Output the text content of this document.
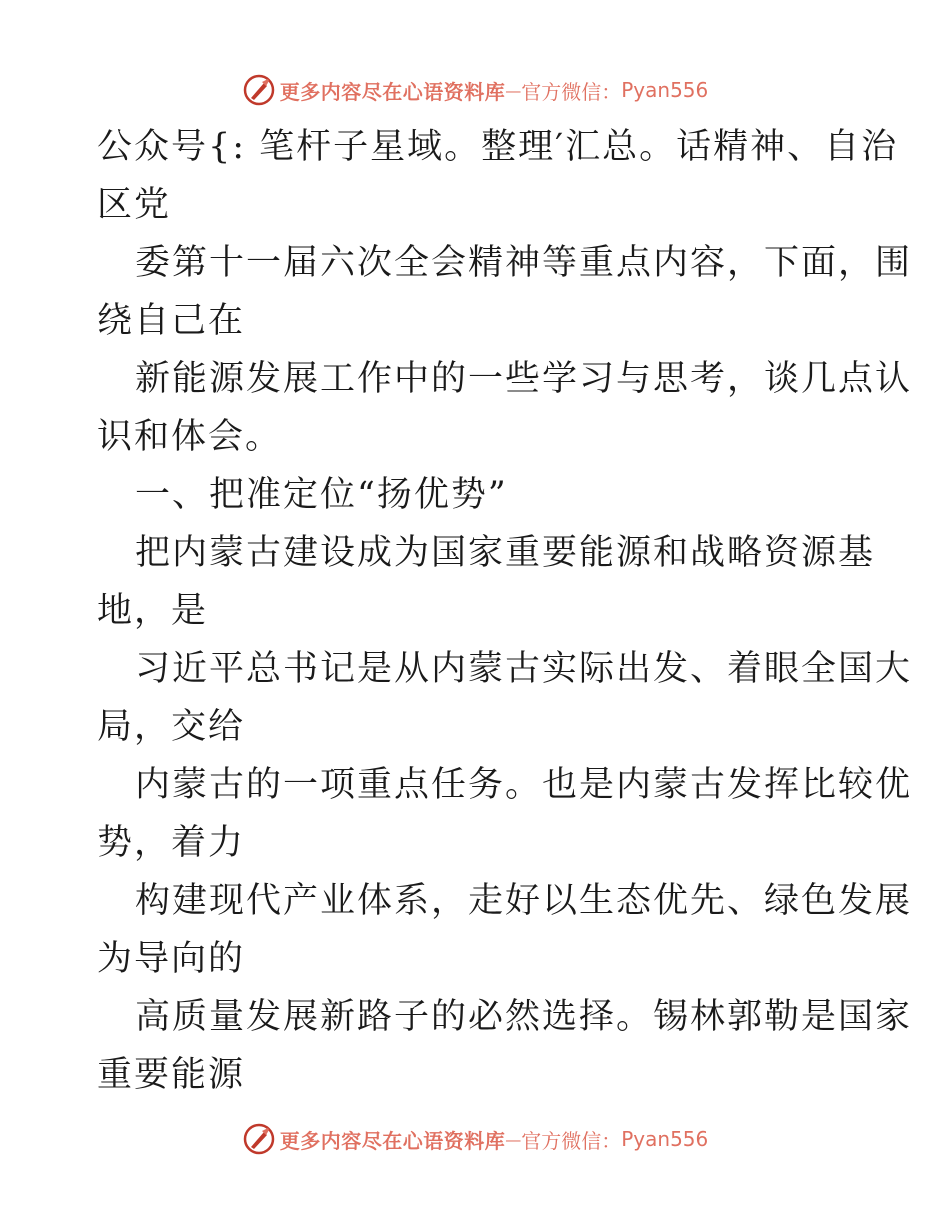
更多内容尽在心语资料库 — 官方微信： Pyan556
公众号{: 笔杆子星域。整理′汇总。话精神、自治
区党
委第十一届六次全会精神等重点内容，下面，围
绕自己在
新能源发展工作中的一些学习与思考，谈几点认
识和体会。
一、把准定位“扬优势”
把内蒙古建设成为国家重要能源和战略资源基
地，是
习近平总书记是从内蒙古实际出发、着眼全国大
局，交给
内蒙古的一项重点任务。也是内蒙古发挥比较优
势，着力
构建现代产业体系，走好以生态优先、绿色发展
为导向的
高质量发展新路子的必然选择。锡林郭勒是国家
重要能源
更多内容尽在心语资料库 — 官方微信： Pyan556
